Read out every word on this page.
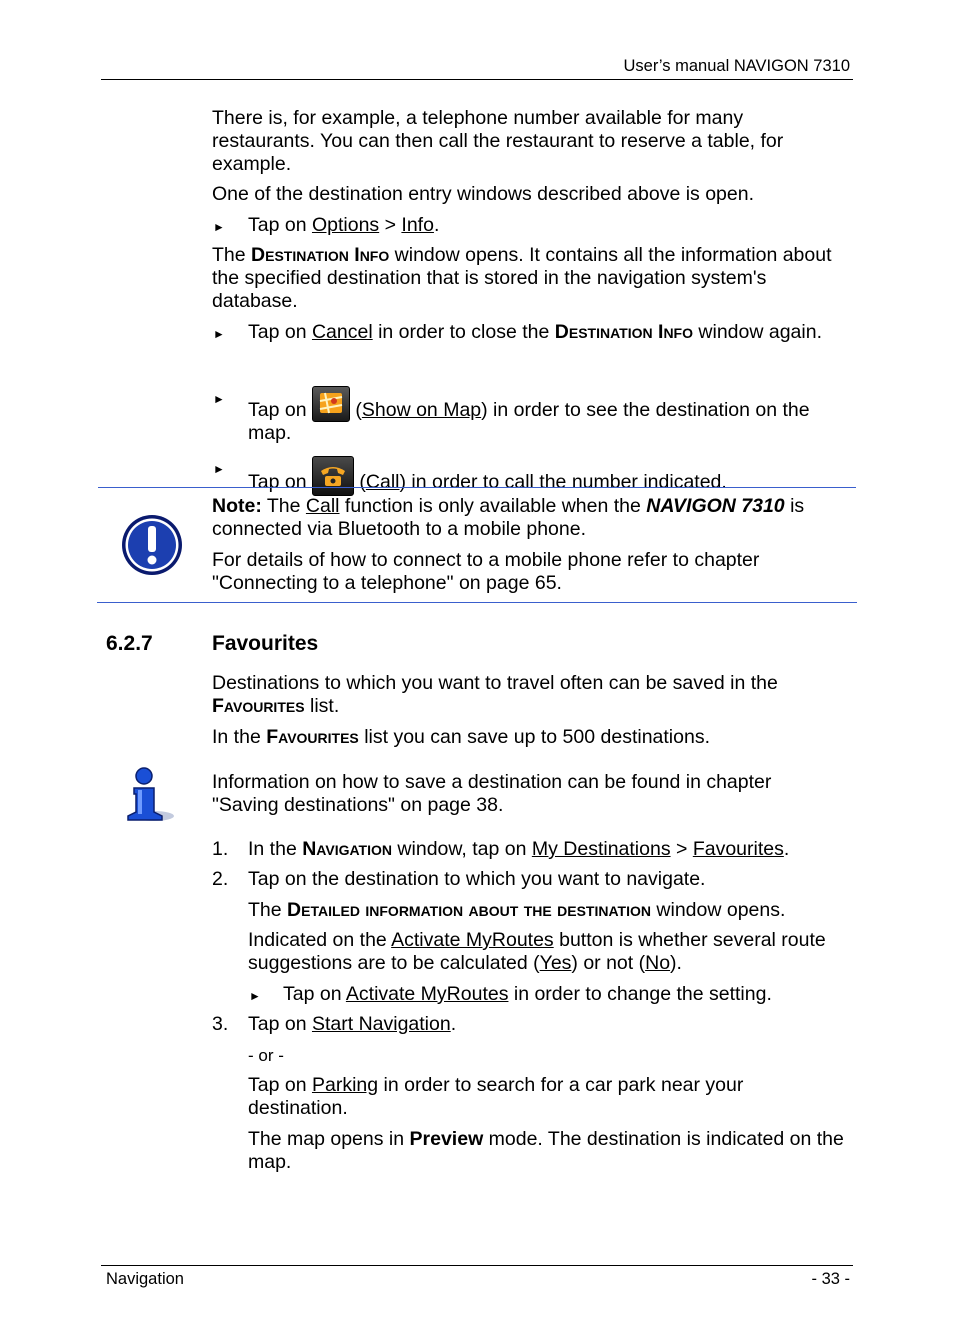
User’s manual NAVIGON 7310
There is, for example, a telephone number available for many restaurants. You can then call the restaurant to reserve a table, for example.
One of the destination entry windows described above is open.
► Tap on Options > Info.
The Destination Info window opens. It contains all the information about the specified destination that is stored in the navigation system's database.
► Tap on Cancel in order to close the Destination Info window again.
► Tap on
(Show on Map) in order to see the destination on the map.
►
Tap on
(Call) in order to call the number indicated.
Note: The Call function is only available when the NAVIGON 7310 is connected via Bluetooth to a mobile phone.
For details of how to connect to a mobile phone refer to chapter "Connecting to a telephone" on page 65.
6.2.7	Favourites
Destinations to which you want to travel often can be saved in the Favourites list.
In the Favourites list you can save up to 500 destinations.
Information on how to save a destination can be found in chapter "Saving destinations" on page 38.
1. In the Navigation window, tap on My Destinations > Favourites.
2. Tap on the destination to which you want to navigate.
The Detailed information about the destination window opens.
Indicated on the Activate MyRoutes button is whether several route suggestions are to be calculated (Yes) or not (No).
► Tap on Activate MyRoutes in order to change the setting.
3. Tap on Start Navigation.
- or -
Tap on Parking in order to search for a car park near your destination.
The map opens in Preview mode. The destination is indicated on the map.
Navigation	- 33 -
